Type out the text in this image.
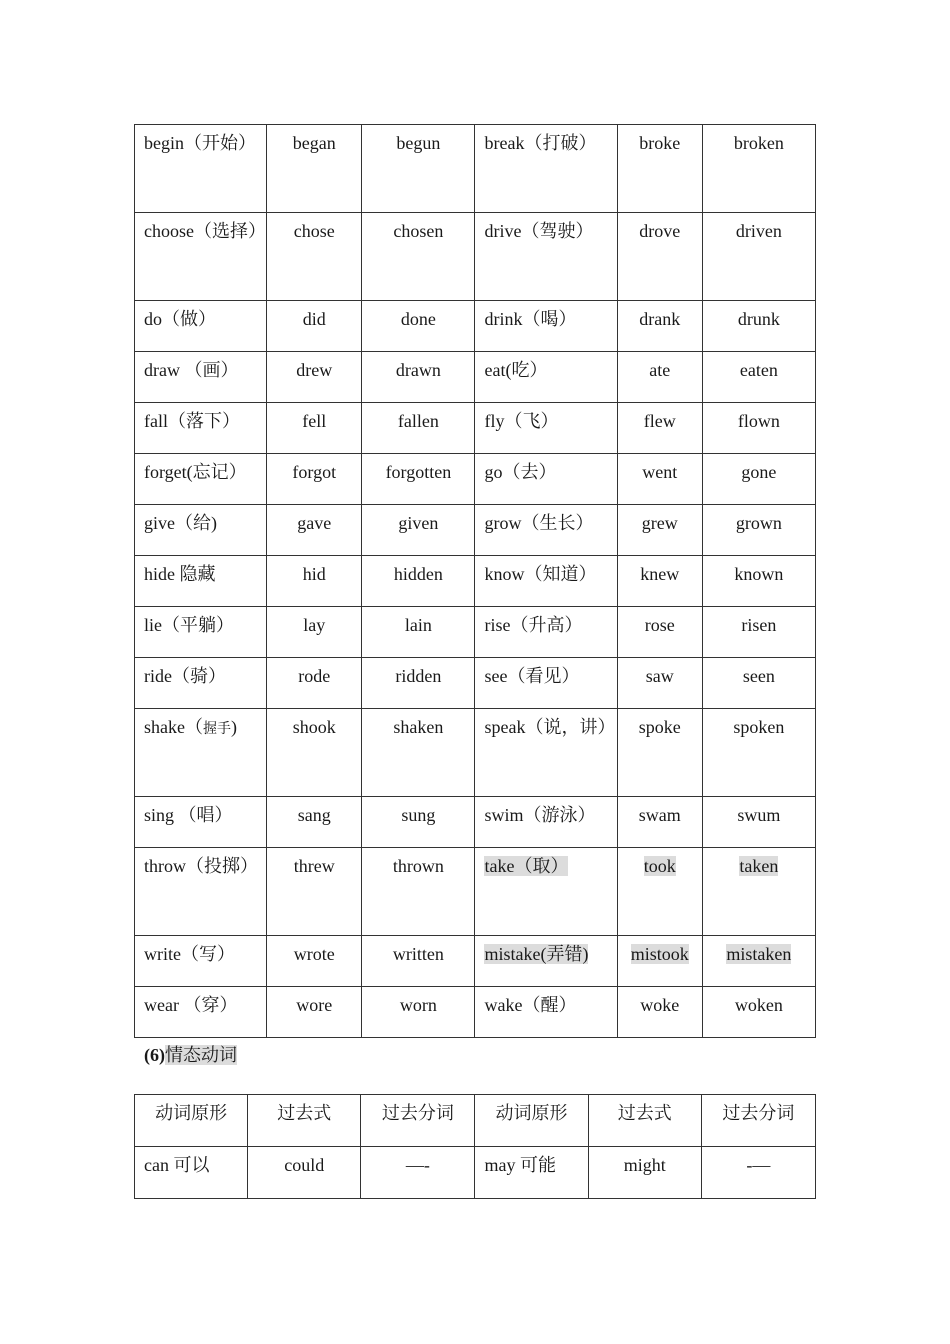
begin（开始）	began	begun	break（打破）	broke	broken
choose（选择）	chose	chosen	drive（驾驶）	drove	driven
do（做）	did	done	drink（喝）	drank	drunk
draw （画）	drew	drawn	eat(吃）	ate	eaten
fall（落下）	fell	fallen	fly（飞）	flew	flown
forget(忘记）	forgot	forgotten	go（去）	went	gone
give（给)	gave	given	grow（生长）	grew	grown
hide 隐藏	hid	hidden	know（知道）	knew	known
lie（平躺）	lay	lain	rise（升高）	rose	risen
ride（骑）	rode	ridden	see（看见）	saw	seen
shake（握手)	shook	shaken	speak（说，讲）	spoke	spoken
sing （唱）	sang	sung	swim（游泳）	swam	swum
throw（投掷）	threw	thrown	take（取）	took	taken
write（写）	wrote	written	mistake(弄错)	mistook	mistaken
wear （穿）	wore	worn	wake（醒）	woke	woken
(6)情态动词
动词原形	过去式	过去分词	动词原形	过去式	过去分词
can 可以	could	—-	may 可能	might	-—
